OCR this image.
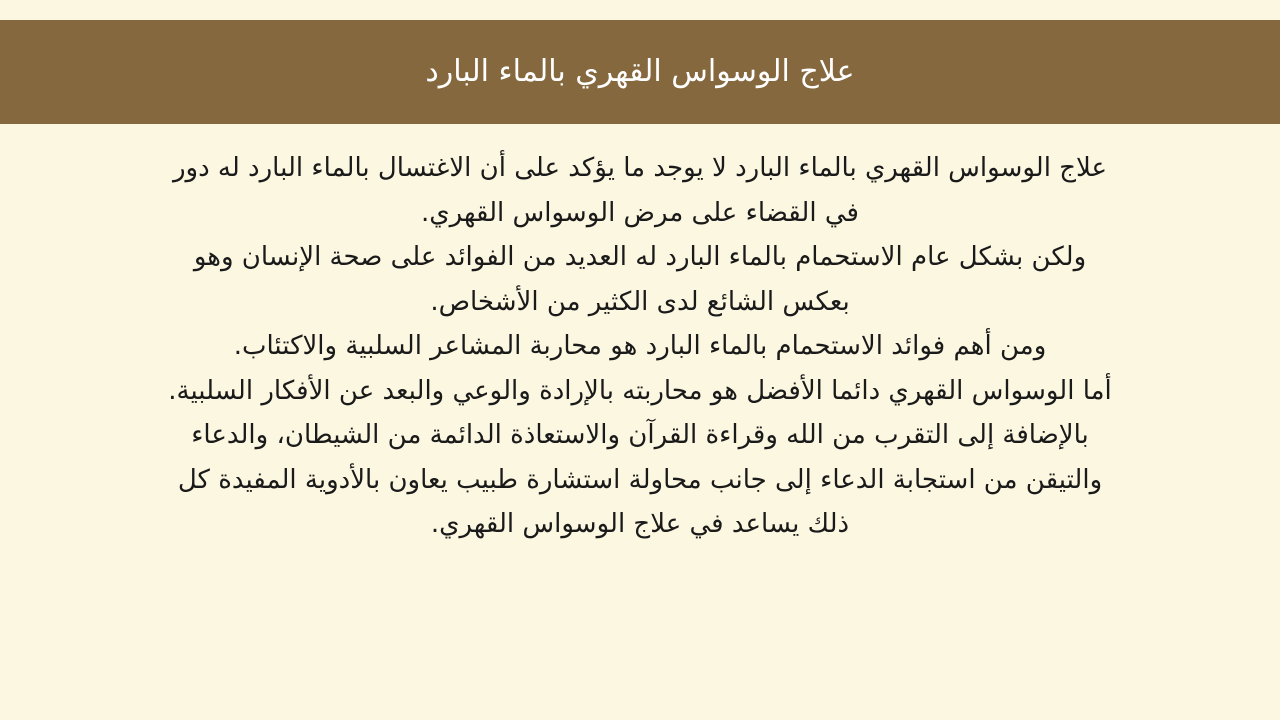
علاج الوسواس القهري بالماء البارد

علاج الوسواس القهري بالماء البارد لا يوجد ما يؤكد على أن الاغتسال بالماء البارد له دور في القضاء على مرض الوسواس القهري.

ولكن بشكل عام الاستحمام بالماء البارد له العديد من الفوائد على صحة الإنسان وهو بعكس الشائع لدى الكثير من الأشخاص.

ومن أهم فوائد الاستحمام بالماء البارد هو محاربة المشاعر السلبية والاكتئاب.

أما الوسواس القهري دائما الأفضل هو محاربته بالإرادة والوعي والبعد عن الأفكار السلبية.

بالإضافة إلى التقرب من الله وقراءة القرآن والاستعاذة الدائمة من الشيطان، والدعاء والتيقن من استجابة الدعاء إلى جانب محاولة استشارة طبيب يعاون بالأدوية المفيدة كل ذلك يساعد في علاج الوسواس القهري.
